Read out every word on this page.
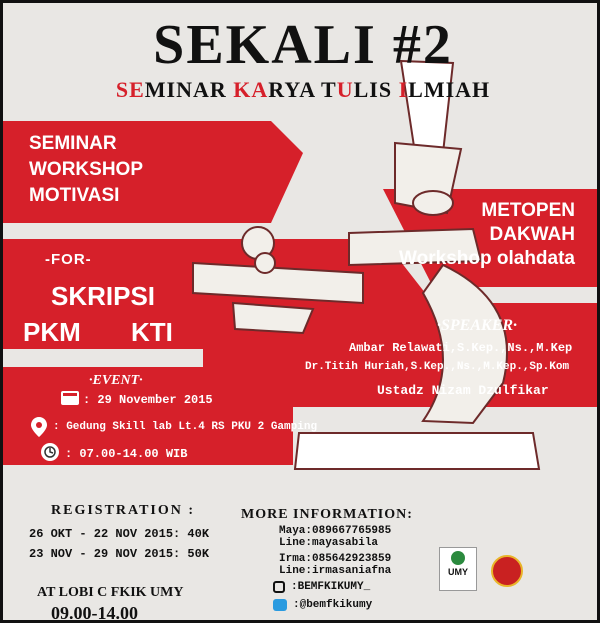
SEKALI #2
SEMINAR KARYA TULIS ILMIAH
SEMINAR
WORKSHOP
MOTIVASI
METOPEN
DAKWAH
Workshop olahdata
-FOR-
SKRIPSI
PKM KTI	·SPEAKER·
Ambar Relawati,S.Kep.,Ns.,M.Kep
Dr.Titih Huriah,S.Kep.,Ns.,M.Kep.,Sp.Kom
Ustadz Nizam Dzulfikar
·EVENT·
: 29 November 2015
: Gedung Skill lab Lt.4 RS PKU 2 Gamping
: 07.00-14.00 WIB
REGISTRATION :
26 OKT - 22 NOV 2015: 40K
23 NOV - 29 NOV 2015: 50K
AT LOBI C FKIK UMY
09.00-14.00
MORE INFORMATION:
Maya:089667765985
Line:mayasabila
Irma:085642923859
Line:irmasaniafna
:BEMFKIKUMY_
:@bemfkikumy
UMY
